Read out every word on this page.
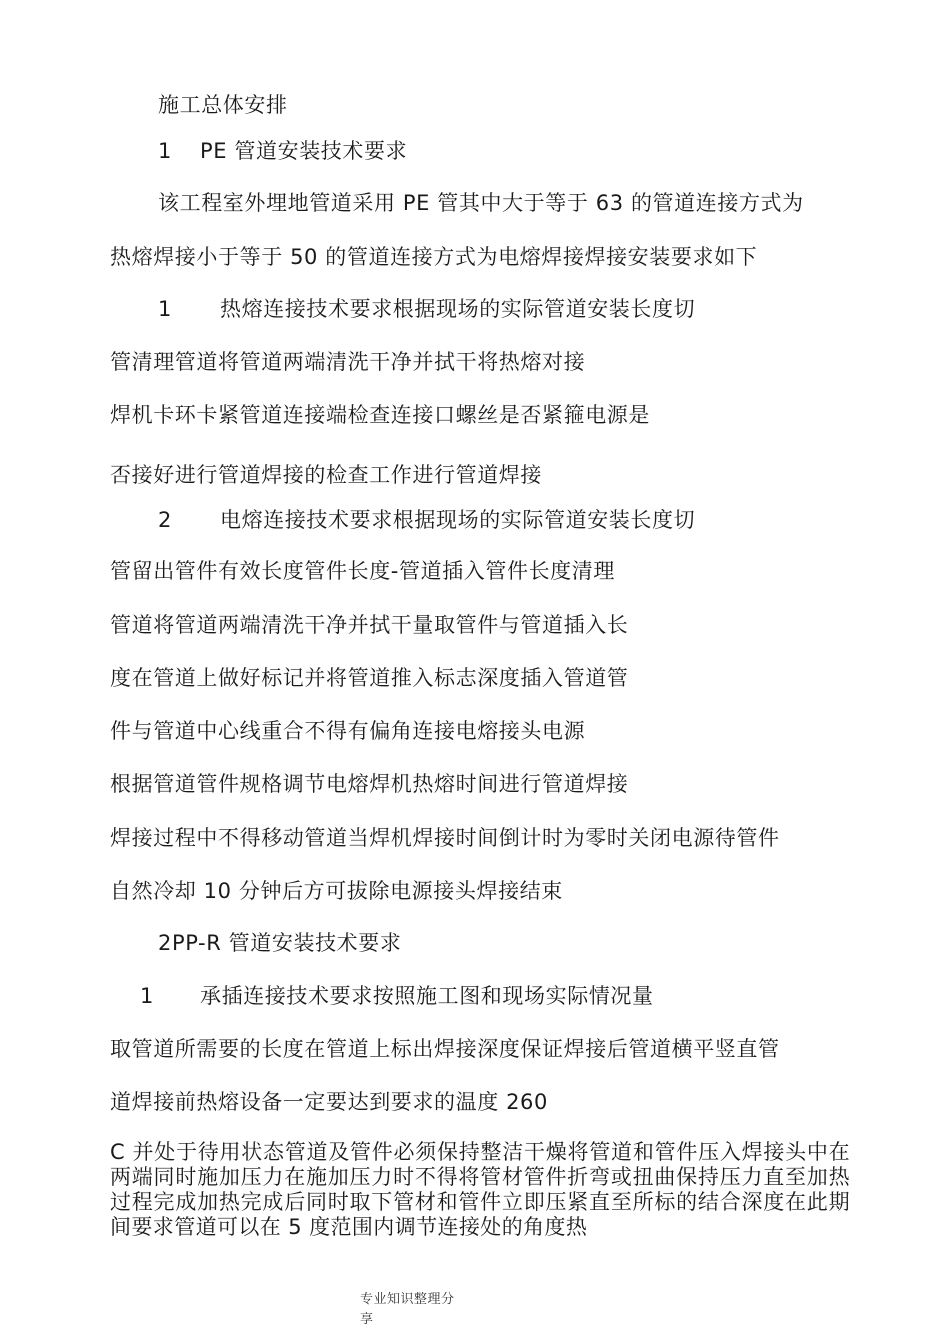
施工总体安排
1 PE 管道安装技术要求
该工程室外埋地管道采用 PE 管其中大于等于 63 的管道连接方式为
热熔焊接小于等于 50 的管道连接方式为电熔焊接焊接安装要求如下
1 热熔连接技术要求根据现场的实际管道安装长度切
管清理管道将管道两端清洗干净并拭干将热熔对接
焊机卡环卡紧管道连接端检查连接口螺丝是否紧箍电源是
否接好进行管道焊接的检查工作进行管道焊接
2 电熔连接技术要求根据现场的实际管道安装长度切
管留出管件有效长度管件长度-管道插入管件长度清理
管道将管道两端清洗干净并拭干量取管件与管道插入长
度在管道上做好标记并将管道推入标志深度插入管道管
件与管道中心线重合不得有偏角连接电熔接头电源
根据管道管件规格调节电熔焊机热熔时间进行管道焊接
焊接过程中不得移动管道当焊机焊接时间倒计时为零时关闭电源待管件
自然冷却 10 分钟后方可拔除电源接头焊接结束
2PP-R 管道安装技术要求
1 承插连接技术要求按照施工图和现场实际情况量
取管道所需要的长度在管道上标出焊接深度保证焊接后管道横平竖直管
道焊接前热熔设备一定要达到要求的温度 260
C 并处于待用状态管道及管件必须保持整洁干燥将管道和管件压入焊接头中在两端同时施加压力在施加压力时不得将管材管件折弯或扭曲保持压力直至加热过程完成加热完成后同时取下管材和管件立即压紧直至所标的结合深度在此期间要求管道可以在 5 度范围内调节连接处的角度热
专业知识整理分
享
